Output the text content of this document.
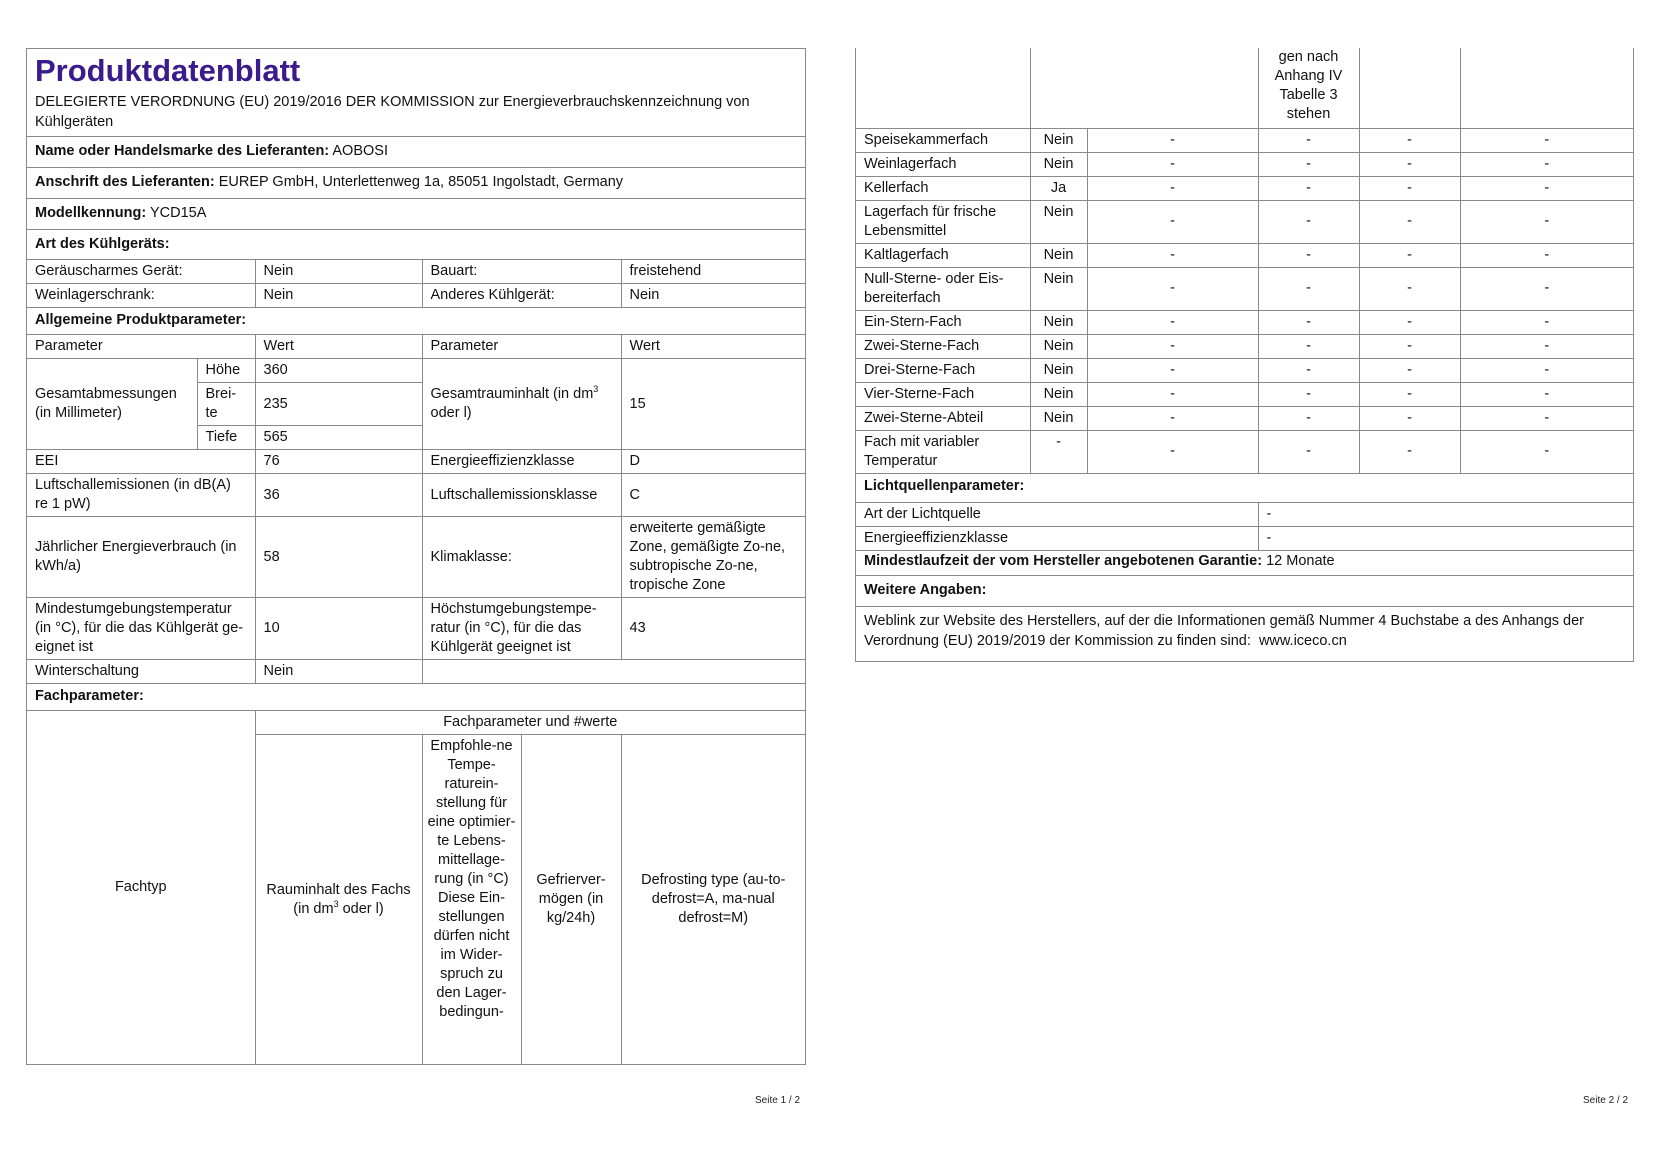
Produktdatenblatt
DELEGIERTE VERORDNUNG (EU) 2019/2016 DER KOMMISSION zur Energieverbrauchskennzeichnung von Kühlgeräten
Name oder Handelsmarke des Lieferanten: AOBOSI
Anschrift des Lieferanten: EUREP GmbH, Unterlettenweg 1a, 85051 Ingolstadt, Germany
Modellkennung: YCD15A
Art des Kühlgeräts:
Geräuscharmes Gerät:	Nein	Bauart:	freistehend
Weinlagerschrank:	Nein	Anderes Kühlgerät:	Nein
Allgemeine Produktparameter:
Parameter		Wert	Parameter	Wert
Gesamtabmessungen (in Millimeter)	Höhe	360	Gesamtrauminhalt (in $dm^3$ oder l)	15
	Brei-te	235		
	Tiefe	565		
EEI		76	Energieeffizienzklasse	D
Luftschallemissionen (in dB(A) re 1 pW)		36	Luftschallemissionsklasse	C
Jährlicher Energieverbrauch (in kWh/a)		58	Klimaklasse:	erweiterte gemäßigte Zone, gemäßigte Zo-ne, subtropische Zo-ne, tropische Zone
Mindestumgebungstemperatur (in °C), für die das Kühlgerät ge-eignet ist		10	Höchstumgebungstempe-ratur (in °C), für die das Kühlgerät geeignet ist	43
Winterschaltung		Nein		
Fachparameter:
Fachtyp	Fachparameter und #werte			
	Rauminhalt des Fachs (in $dm^3$ oder l)	Empfohle-ne Tempe-raturein-stellung für eine optimier-te Lebens-mittellage-rung (in °C) Diese Ein-stellungen dürfen nicht im Wider-spruch zu den Lager-bedingun-	Gefrierver-mögen (in kg/24h)	Defrosting type (au-to-defrost=A, ma-nual defrost=M)
Seite 1 / 2
			gen nach Anhang IV Tabelle 3 stehen		
Speisekammerfach	Nein	-	-	-	-
Weinlagerfach	Nein	-	-	-	-
Kellerfach	Ja	-	-	-	-
Lagerfach für frische Lebensmittel	Nein	-	-	-	-
Kaltlagerfach	Nein	-	-	-	-
Null-Sterne- oder Eis-bereiterfach	Nein	-	-	-	-
Ein-Stern-Fach	Nein	-	-	-	-
Zwei-Sterne-Fach	Nein	-	-	-	-
Drei-Sterne-Fach	Nein	-	-	-	-
Vier-Sterne-Fach	Nein	-	-	-	-
Zwei-Sterne-Abteil	Nein	-	-	-	-
Fach mit variabler Temperatur	-	-	-	-	-
Lichtquellenparameter:
Art der Lichtquelle	-
Energieeffizienzklasse	-
Mindestlaufzeit der vom Hersteller angebotenen Garantie: 12 Monate
Weitere Angaben:
Weblink zur Website des Herstellers, auf der die Informationen gemäß Nummer 4 Buchstabe a des Anhangs der Verordnung (EU) 2019/2019 der Kommission zu finden sind: www.iceco.cn
Seite 2 / 2
